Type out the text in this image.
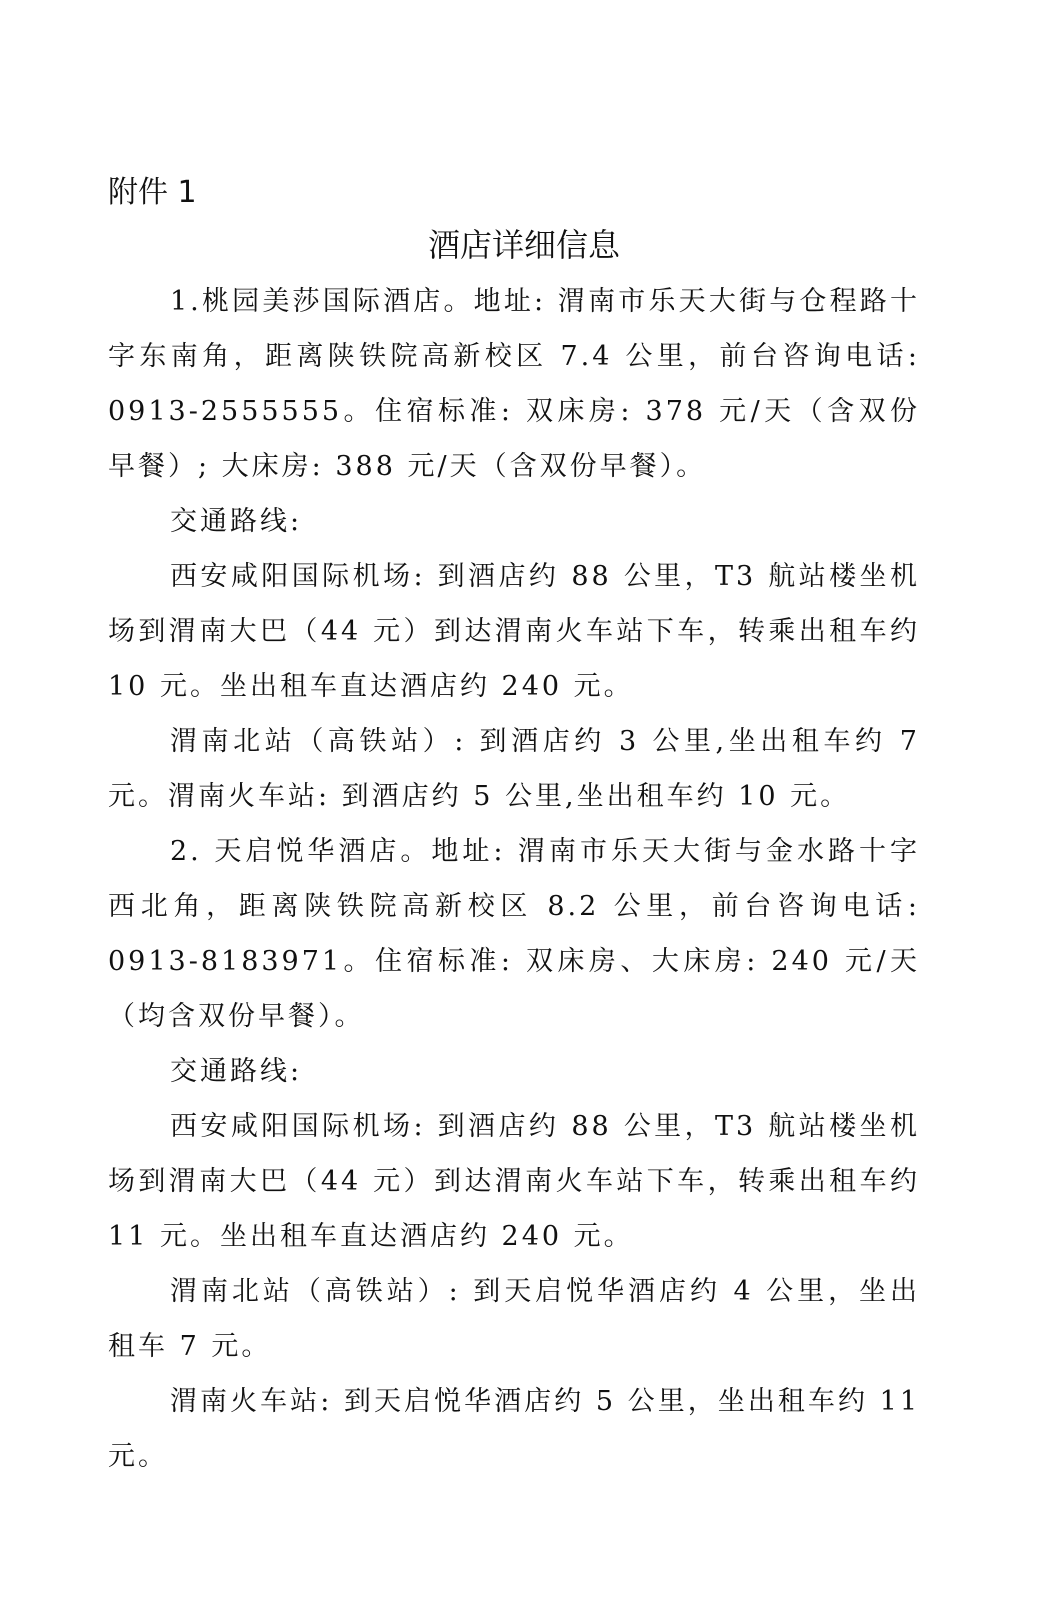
附件 1

酒店详细信息

1.桃园美莎国际酒店。地址: 渭南市乐天大街与仓程路十字东南角，距离陕铁院高新校区 7.4 公里，前台咨询电话: 0913-2555555。住宿标准: 双床房: 378 元/天（含双份早餐）; 大床房: 388 元/天（含双份早餐）。

交通路线:

西安咸阳国际机场: 到酒店约 88 公里，T3 航站楼坐机场到渭南大巴（44 元）到达渭南火车站下车，转乘出租车约 10 元。坐出租车直达酒店约 240 元。

渭南北站（高铁站）: 到酒店约 3 公里,坐出租车约 7 元。渭南火车站: 到酒店约 5 公里,坐出租车约 10 元。

2. 天启悦华酒店。地址: 渭南市乐天大街与金水路十字西北角，距离陕铁院高新校区 8.2 公里，前台咨询电话: 0913-8183971。住宿标准: 双床房、大床房: 240 元/天（均含双份早餐）。

交通路线:

西安咸阳国际机场: 到酒店约 88 公里，T3 航站楼坐机场到渭南大巴（44 元）到达渭南火车站下车，转乘出租车约 11 元。坐出租车直达酒店约 240 元。

渭南北站（高铁站）: 到天启悦华酒店约 4 公里，坐出租车 7 元。

渭南火车站: 到天启悦华酒店约 5 公里，坐出租车约 11 元。
